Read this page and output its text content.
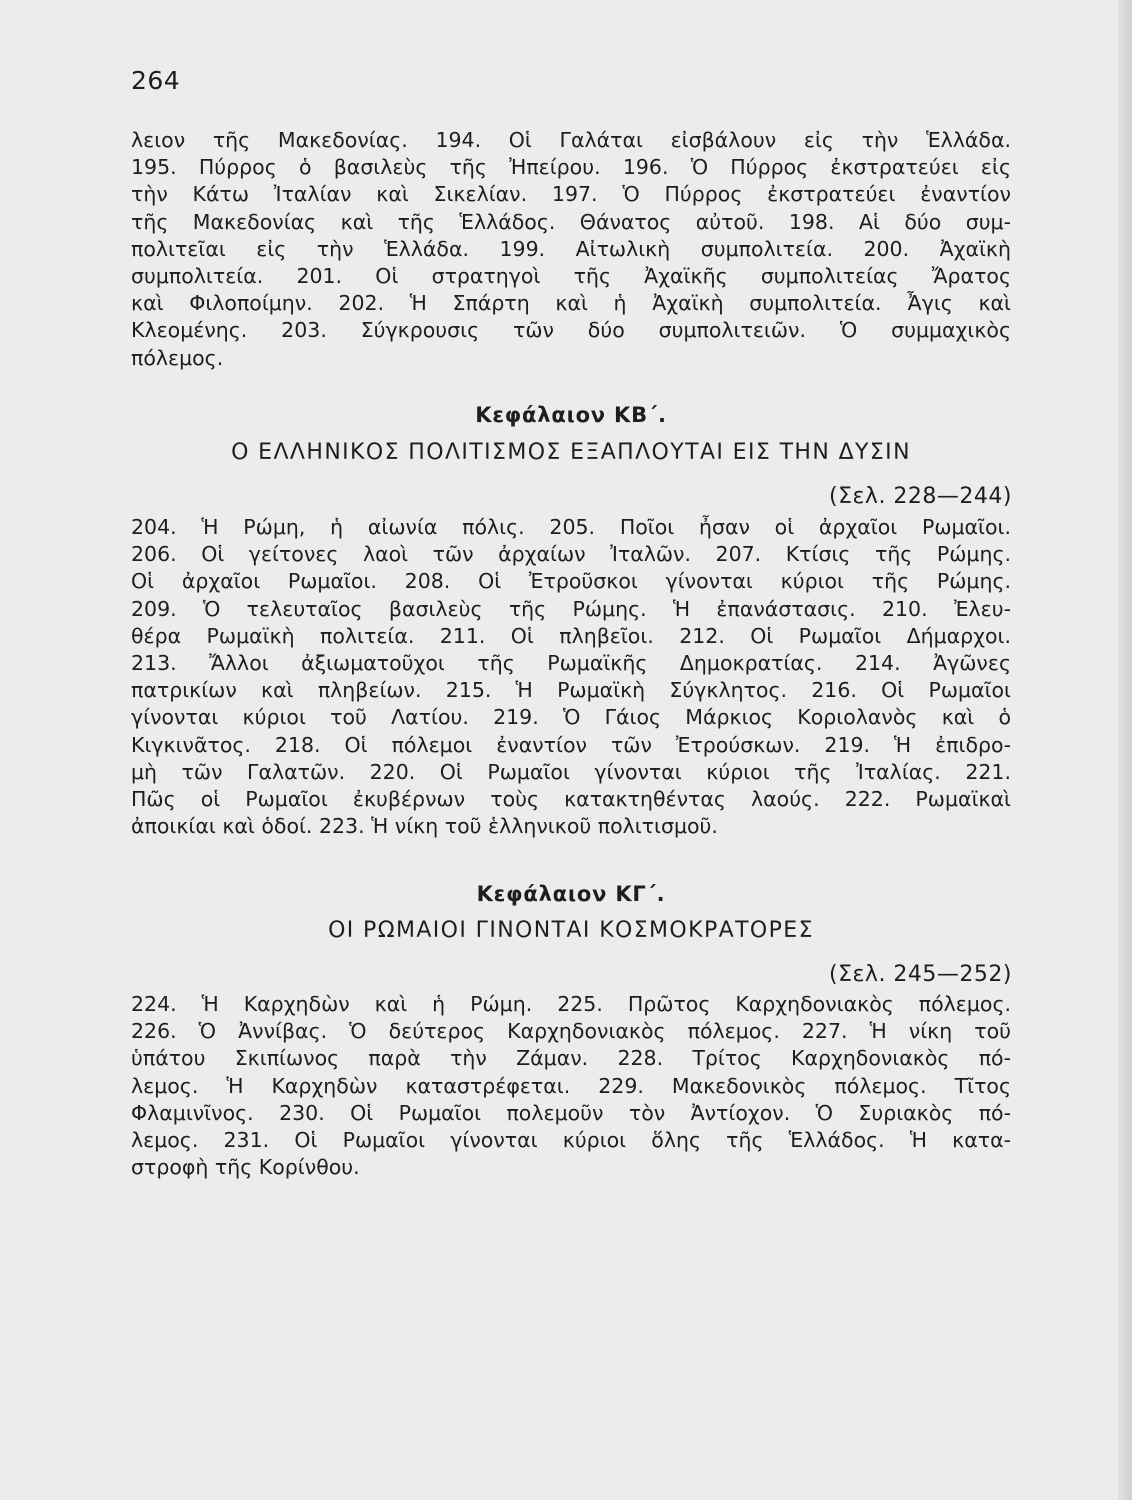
264
λειον τῆς Μακεδονίας. 194. Οἱ Γαλάται εἰσβάλουν εἰς τὴν Ἑλλάδα.
195. Πύρρος ὁ βασιλεὺς τῆς Ἠπείρου. 196. Ὁ Πύρρος ἐκστρατεύει εἰς
τὴν Κάτω Ἰταλίαν καὶ Σικελίαν. 197. Ὁ Πύρρος ἐκστρατεύει ἐναντίον
τῆς Μακεδονίας καὶ τῆς Ἑλλάδος. Θάνατος αὐτοῦ. 198. Αἱ δύο συμ-
πολιτεῖαι εἰς τὴν Ἑλλάδα. 199. Αἰτωλικὴ συμπολιτεία. 200. Ἀχαϊκὴ
συμπολιτεία. 201. Οἱ στρατηγοὶ τῆς Ἀχαϊκῆς συμπολιτείας Ἄρατος
καὶ Φιλοποίμην. 202. Ἡ Σπάρτη καὶ ἡ Ἀχαϊκὴ συμπολιτεία. Ἆγις καὶ
Κλεομένης. 203. Σύγκρουσις τῶν δύο συμπολιτειῶν. Ὁ συμμαχικὸς
πόλεμος.
Κεφάλαιον ΚΒ΄.
Ο ΕΛΛΗΝΙΚΟΣ ΠΟΛΙΤΙΣΜΟΣ ΕΞΑΠΛΟΥΤΑΙ ΕΙΣ ΤΗΝ ΔΥΣΙΝ
(Σελ. 228—244)
204. Ἡ Ρώμη, ἡ αἰωνία πόλις. 205. Ποῖοι ἦσαν οἱ ἀρχαῖοι Ρωμαῖοι.
206. Οἱ γείτονες λαοὶ τῶν ἀρχαίων Ἰταλῶν. 207. Κτίσις τῆς Ρώμης.
Οἱ ἀρχαῖοι Ρωμαῖοι. 208. Οἱ Ἐτροῦσκοι γίνονται κύριοι τῆς Ρώμης.
209. Ὁ τελευταῖος βασιλεὺς τῆς Ρώμης. Ἡ ἐπανάστασις. 210. Ἐλευ-
θέρα Ρωμαϊκὴ πολιτεία. 211. Οἱ πληβεῖοι. 212. Οἱ Ρωμαῖοι Δήμαρχοι.
213. Ἄλλοι ἀξιωματοῦχοι τῆς Ρωμαϊκῆς Δημοκρατίας. 214. Ἀγῶνες
πατρικίων καὶ πληβείων. 215. Ἡ Ρωμαϊκὴ Σύγκλητος. 216. Οἱ Ρωμαῖοι
γίνονται κύριοι τοῦ Λατίου. 219. Ὁ Γάιος Μάρκιος Κοριολανὸς καὶ ὁ
Κιγκινᾶτος. 218. Οἱ πόλεμοι ἐναντίον τῶν Ἐτρούσκων. 219. Ἡ ἐπιδρο-
μὴ τῶν Γαλατῶν. 220. Οἱ Ρωμαῖοι γίνονται κύριοι τῆς Ἰταλίας. 221.
Πῶς οἱ Ρωμαῖοι ἐκυβέρνων τοὺς κατακτηθέντας λαούς. 222. Ρωμαϊκαὶ
ἀποικίαι καὶ ὁδοί. 223. Ἡ νίκη τοῦ ἑλληνικοῦ πολιτισμοῦ.
Κεφάλαιον ΚΓ΄.
ΟΙ ΡΩΜΑΙΟΙ ΓΙΝΟΝΤΑΙ ΚΟΣΜΟΚΡΑΤΟΡΕΣ
(Σελ. 245—252)
224. Ἡ Καρχηδὼν καὶ ἡ Ρώμη. 225. Πρῶτος Καρχηδονιακὸς πόλεμος.
226. Ὁ Ἀννίβας. Ὁ δεύτερος Καρχηδονιακὸς πόλεμος. 227. Ἡ νίκη τοῦ
ὑπάτου Σκιπίωνος παρὰ τὴν Ζάμαν. 228. Τρίτος Καρχηδονιακὸς πό-
λεμος. Ἡ Καρχηδὼν καταστρέφεται. 229. Μακεδονικὸς πόλεμος. Τῖτος
Φλαμινῖνος. 230. Οἱ Ρωμαῖοι πολεμοῦν τὸν Ἀντίοχον. Ὁ Συριακὸς πό-
λεμος. 231. Οἱ Ρωμαῖοι γίνονται κύριοι ὅλης τῆς Ἑλλάδος. Ἡ κατα-
στροφὴ τῆς Κορίνθου.
